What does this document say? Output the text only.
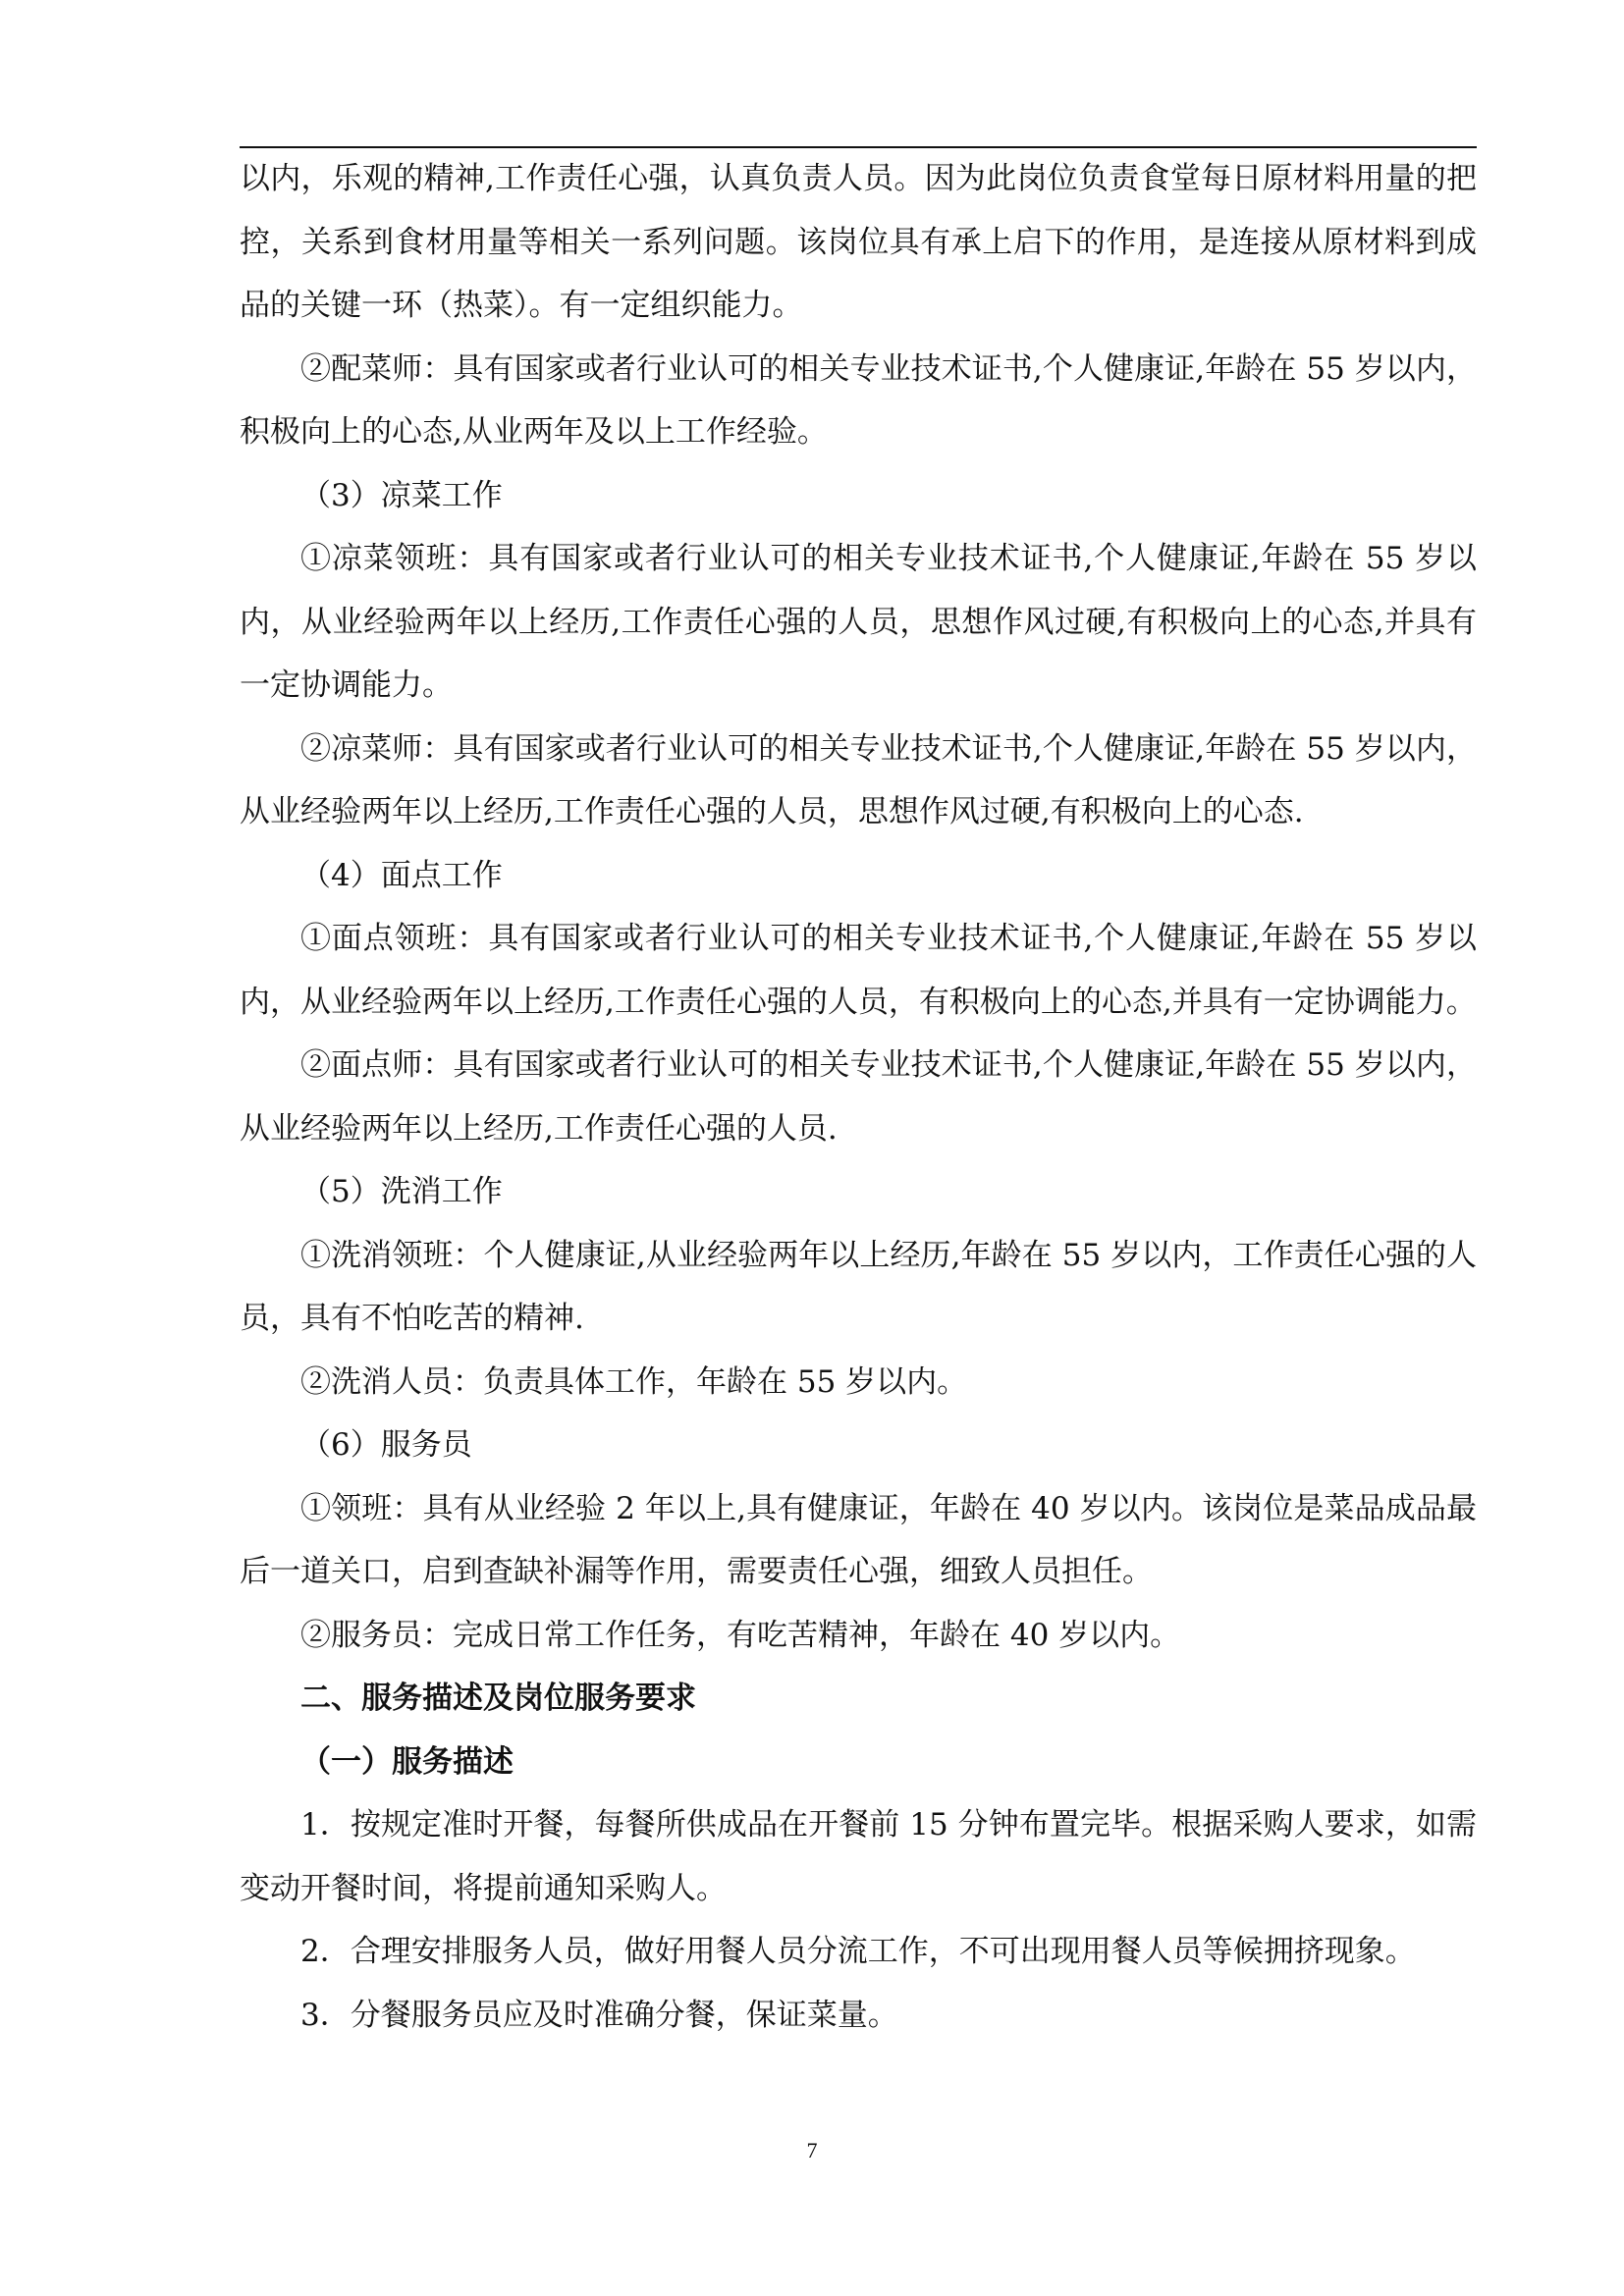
以内，乐观的精神,工作责任心强，认真负责人员。因为此岗位负责食堂每日原材料用量的把控，关系到食材用量等相关一系列问题。该岗位具有承上启下的作用，是连接从原材料到成品的关键一环（热菜）。有一定组织能力。

②配菜师：具有国家或者行业认可的相关专业技术证书,个人健康证,年龄在 55 岁以内，积极向上的心态,从业两年及以上工作经验。

（3）凉菜工作

①凉菜领班：具有国家或者行业认可的相关专业技术证书,个人健康证,年龄在 55 岁以内，从业经验两年以上经历,工作责任心强的人员，思想作风过硬,有积极向上的心态,并具有一定协调能力。

②凉菜师：具有国家或者行业认可的相关专业技术证书,个人健康证,年龄在 55 岁以内，从业经验两年以上经历,工作责任心强的人员，思想作风过硬,有积极向上的心态.

（4）面点工作

①面点领班：具有国家或者行业认可的相关专业技术证书,个人健康证,年龄在 55 岁以内，从业经验两年以上经历,工作责任心强的人员，有积极向上的心态,并具有一定协调能力。

②面点师：具有国家或者行业认可的相关专业技术证书,个人健康证,年龄在 55 岁以内，从业经验两年以上经历,工作责任心强的人员.

（5）洗消工作

①洗消领班：个人健康证,从业经验两年以上经历,年龄在 55 岁以内，工作责任心强的人员，具有不怕吃苦的精神.

②洗消人员：负责具体工作，年龄在 55 岁以内。

（6）服务员

①领班：具有从业经验 2 年以上,具有健康证，年龄在 40 岁以内。该岗位是菜品成品最后一道关口，启到查缺补漏等作用，需要责任心强，细致人员担任。

②服务员：完成日常工作任务，有吃苦精神，年龄在 40 岁以内。

二、服务描述及岗位服务要求

（一）服务描述

1．按规定准时开餐，每餐所供成品在开餐前 15 分钟布置完毕。根据采购人要求，如需变动开餐时间，将提前通知采购人。

2．合理安排服务人员，做好用餐人员分流工作，不可出现用餐人员等候拥挤现象。

3．分餐服务员应及时准确分餐，保证菜量。

7
